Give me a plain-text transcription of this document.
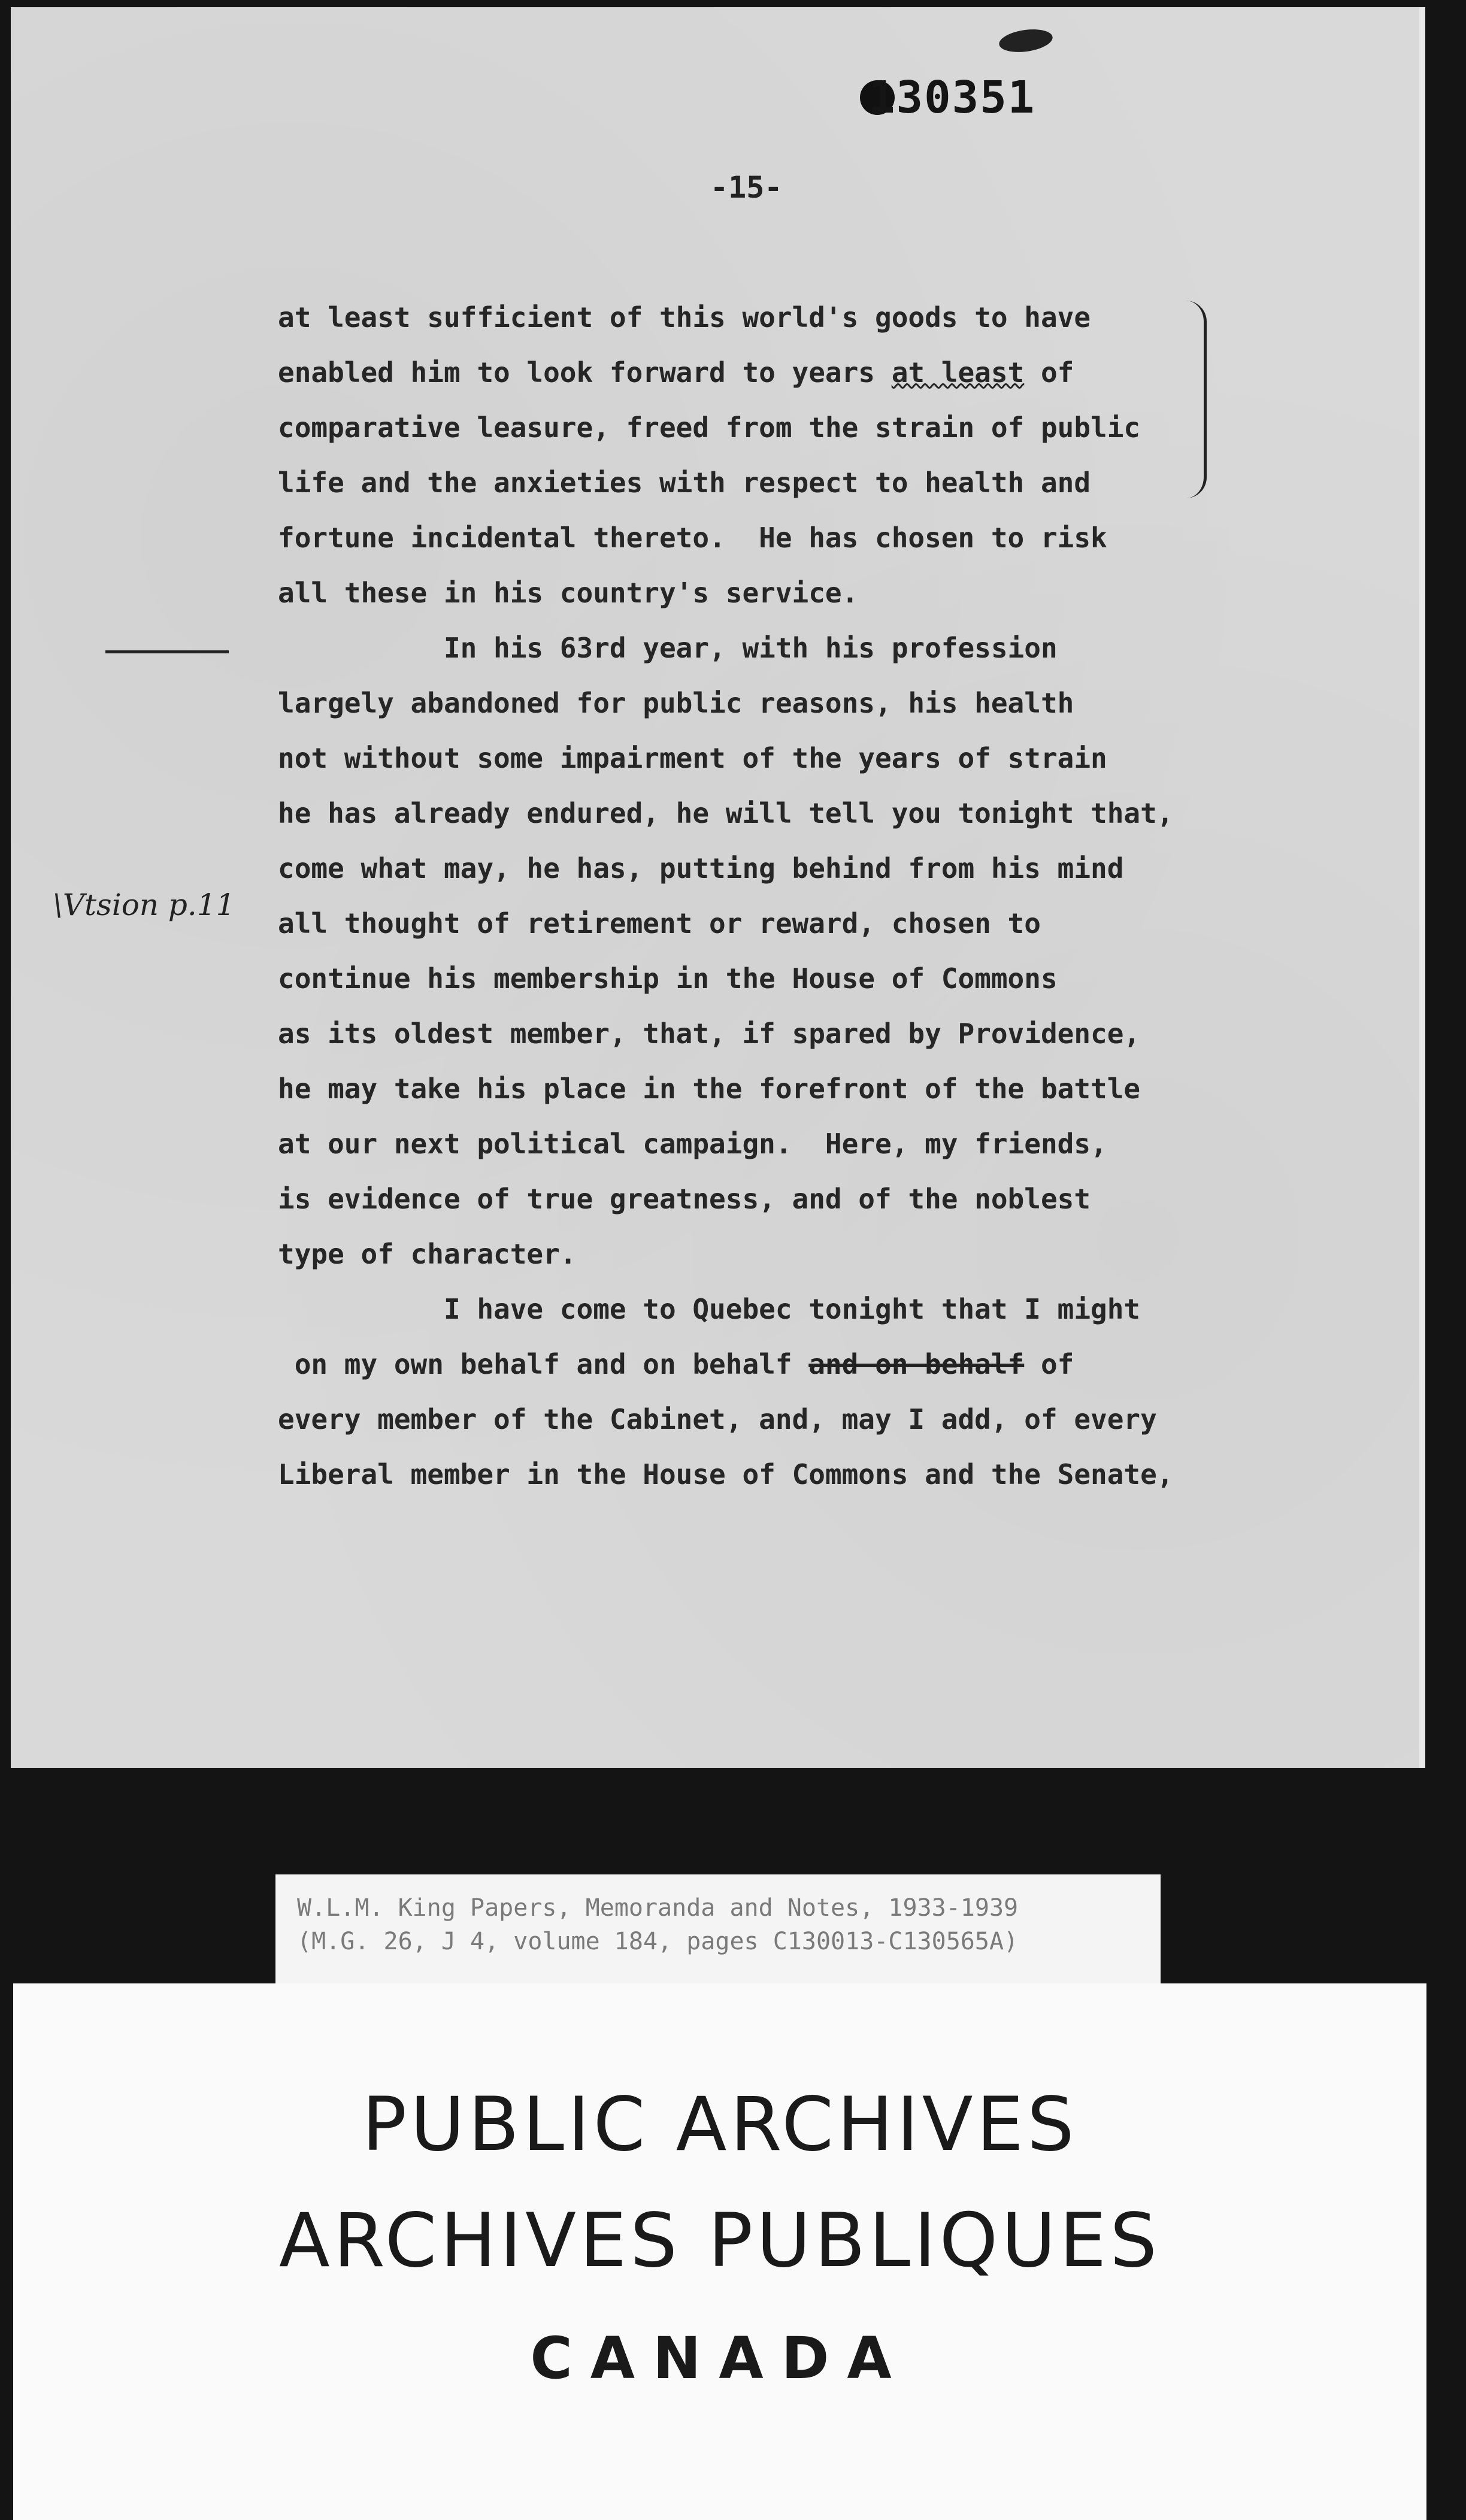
130351
-15-
\Vtsion p.11
at least sufficient of this world's goods to have
enabled him to look forward to years at least of
comparative leasure, freed from the strain of public
life and the anxieties with respect to health and
fortune incidental thereto.  He has chosen to risk
all these in his country's service.
In his 63rd year, with his profession
largely abandoned for public reasons, his health
not without some impairment of the years of strain
he has already endured, he will tell you tonight that,
come what may, he has, putting behind from his mind
all thought of retirement or reward, chosen to
continue his membership in the House of Commons
as its oldest member, that, if spared by Providence,
he may take his place in the forefront of the battle
at our next political campaign.  Here, my friends,
is evidence of true greatness, and of the noblest
type of character.
I have come to Quebec tonight that I might
on my own behalf and on behalf and on behalf of
every member of the Cabinet, and, may I add, of every
Liberal member in the House of Commons and the Senate,
W.L.M. King Papers, Memoranda and Notes, 1933-1939
(M.G. 26, J 4, volume 184, pages C130013-C130565A)
PUBLIC ARCHIVES
ARCHIVES PUBLIQUES
CANADA
